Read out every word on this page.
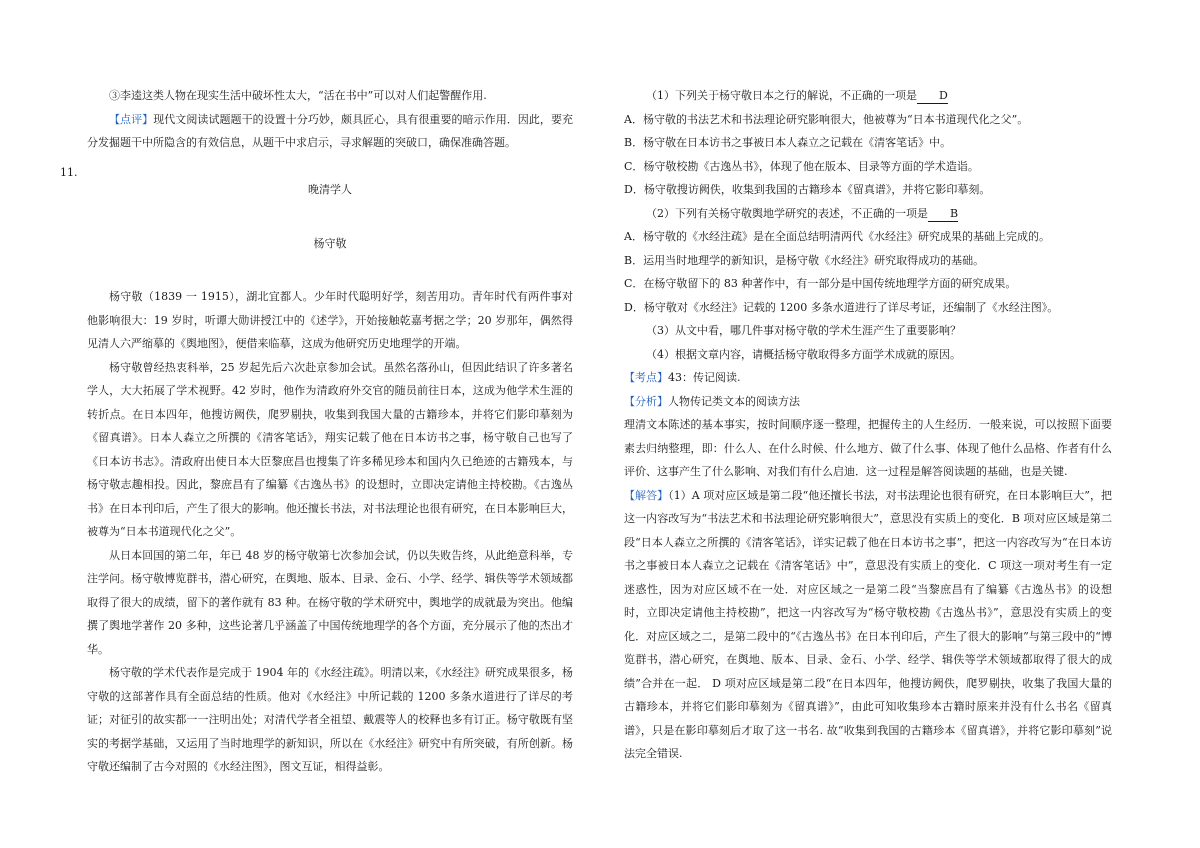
11.

③李逵这类人物在现实生活中破坏性太大，“活在书中”可以对人们起警醒作用.

【点评】现代文阅读试题题干的设置十分巧妙，颇具匠心，具有很重要的暗示作用．因此，要充分发掘题干中所隐含的有效信息，从题干中求启示，寻求解题的突破口，确保准确答题。

晚清学人

杨守敬

杨守敬（1839 一 1915），湖北宜都人。少年时代聪明好学，刻苦用功。青年时代有两件事对他影响很大：19 岁时，听谭大勋讲授江中的《述学》，开始接触乾嘉考据之学；20 岁那年，偶然得见清人六严缩摹的《舆地图》，便借来临摹，这成为他研究历史地理学的开端。

杨守敬曾经热衷科举，25 岁起先后六次赴京参加会试。虽然名落孙山，但因此结识了许多著名学人，大大拓展了学术视野。42 岁时，他作为清政府外交官的随员前往日本，这成为他学术生涯的转折点。在日本四年，他搜访阙佚，爬罗剔抉，收集到我国大量的古籍珍本，并将它们影印摹刻为《留真谱》。日本人森立之所撰的《清客笔话》，翔实记载了他在日本访书之事，杨守敬自己也写了《日本访书志》。清政府出使日本大臣黎庶昌也搜集了许多稀见珍本和国内久已绝迹的古籍残本，与杨守敬志趣相投。因此，黎庶昌有了编纂《古逸丛书》的设想时，立即决定请他主持校勘。《古逸丛书》在日本刊印后，产生了很大的影响。他还擅长书法，对书法理论也很有研究，在日本影响巨大，被尊为“日本书道现代化之父”。

从日本回国的第二年，年已 48 岁的杨守敬第七次参加会试，仍以失败告终，从此绝意科举，专注学问。杨守敬博览群书，潜心研究，在舆地、版本、目录、金石、小学、经学、辑佚等学术领域都取得了很大的成绩，留下的著作就有 83 种。在杨守敬的学术研究中，舆地学的成就最为突出。他编撰了舆地学著作 20 多种，这些论著几乎涵盖了中国传统地理学的各个方面，充分展示了他的杰出才华。

杨守敬的学术代表作是完成于 1904 年的《水经注疏》。明清以来，《水经注》研究成果很多，杨守敬的这部著作具有全面总结的性质。他对《水经注》中所记载的 1200 多条水道进行了详尽的考证；对征引的故实都一一注明出处；对清代学者全祖望、戴震等人的校释也多有订正。杨守敬既有坚实的考据学基础，又运用了当时地理学的新知识，所以在《水经注》研究中有所突破，有所创新。杨守敬还编制了古今对照的《水经注图》，图文互证，相得益彰。

（1）下列关于杨守敬日本之行的解说，不正确的一项是 D

A．杨守敬的书法艺术和书法理论研究影响很大，他被尊为“日本书道现代化之父”。

B．杨守敬在日本访书之事被日本人森立之记载在《清客笔话》中。

C．杨守敬校勘《古逸丛书》，体现了他在版本、目录等方面的学术造诣。

D．杨守敬搜访阙佚，收集到我国的古籍珍本《留真谱》，并将它影印摹刻。

（2）下列有关杨守敬舆地学研究的表述，不正确的一项是 B

A．杨守敬的《水经注疏》是在全面总结明清两代《水经注》研究成果的基础上完成的。

B．运用当时地理学的新知识，是杨守敬《水经注》研究取得成功的基础。

C．在杨守敬留下的 83 种著作中，有一部分是中国传统地理学方面的研究成果。

D．杨守敬对《水经注》记载的 1200 多条水道进行了详尽考证，还编制了《水经注图》。

（3）从文中看，哪几件事对杨守敬的学术生涯产生了重要影响？

（4）根据文章内容，请概括杨守敬取得多方面学术成就的原因。

【考点】43：传记阅读.

【分析】人物传记类文本的阅读方法

理清文本陈述的基本事实，按时间顺序逐一整理，把握传主的人生经历．一般来说，可以按照下面要素去归纳整理，即：什么人、在什么时候、什么地方、做了什么事、体现了他什么品格、作者有什么评价、这事产生了什么影响、对我们有什么启迪．这一过程是解答阅读题的基础，也是关键.

【解答】（1）A 项对应区域是第二段“他还擅长书法，对书法理论也很有研究，在日本影响巨大”，把这一内容改写为“书法艺术和书法理论研究影响很大”，意思没有实质上的变化．B 项对应区域是第二段“日本人森立之所撰的《清客笔话》，详实记载了他在日本访书之事”，把这一内容改写为“在日本访书之事被日本人森立之记载在《清客笔话》中”，意思没有实质上的变化．C 项这一项对考生有一定迷惑性，因为对应区域不在一处．对应区域之一是第二段“当黎庶昌有了编纂《古逸丛书》的设想时，立即决定请他主持校勘”，把这一内容改写为“杨守敬校勘《古逸丛书》”，意思没有实质上的变化．对应区域之二，是第二段中的“《古逸丛书》在日本刊印后，产生了很大的影响”与第三段中的“博览群书，潜心研究，在舆地、版本、目录、金石、小学、经学、辑佚等学术领域都取得了很大的成绩”合并在一起． D 项对应区域是第二段“在日本四年，他搜访阙佚，爬罗剔抉，收集了我国大量的古籍珍本，并将它们影印摹刻为《留真谱》”，由此可知收集珍本古籍时原来并没有什么书名《留真谱》，只是在影印摹刻后才取了这一书名. 故“收集到我国的古籍珍本《留真谱》，并将它影印摹刻”说法完全错误.
